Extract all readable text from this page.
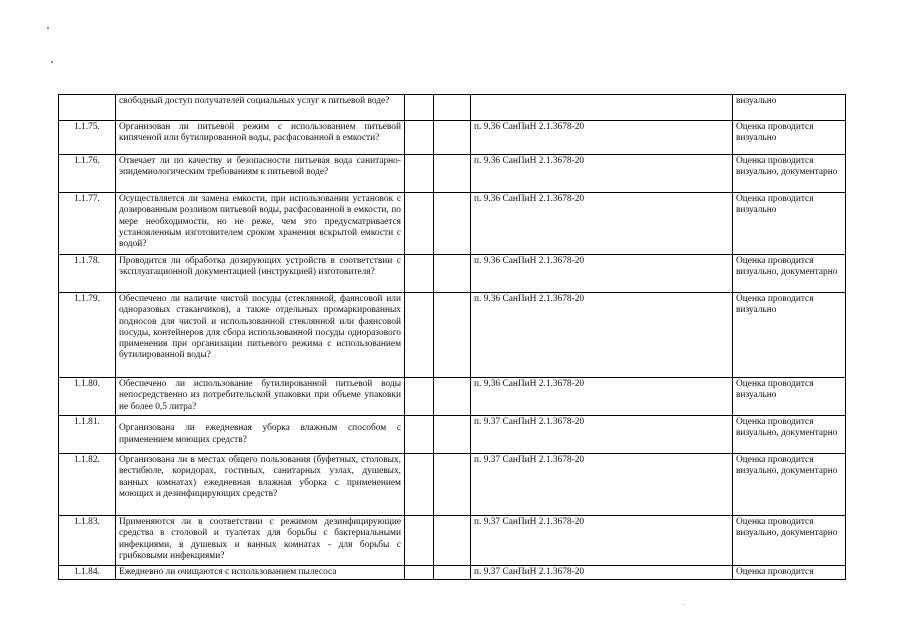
	свободный доступ получателей социальных услуг к питьевой воде?				визуально
1.1.75.	Организован ли питьевой режим с использованием питьевой кипяченой или бутилированной воды, расфасованной в емкости?			п. 9.36 СанПиН 2.1.3678-20	Оценка проводится визуально
1.1.76.	Отвечает ли по качеству и безопасности питьевая вода санитарно-эпидемиологическим требованиям к питьевой воде?			п. 9.36 СанПиН 2.1.3678-20	Оценка проводится визуально, документарно
1.1.77.	Осуществляется ли замена емкости, при использовании установок с дозированным розливом питьевой воды, расфасованной в емкости, по мере необходимости, но не реже, чем это предусматривается установленным изготовителем сроком хранения вскрытой емкости с водой?			п. 9.36 СанПиН 2.1.3678-20	Оценка проводится визуально
1.1.78.	Проводится ли обработка дозирующих устройств в соответствии с эксплуатационной документацией (инструкцией) изготовителя?			п. 9.36 СанПиН 2.1.3678-20	Оценка проводится визуально, документарно
1.1.79.	Обеспечено ли наличие чистой посуды (стеклянной, фаянсовой или одноразовых стаканчиков), а также отдельных промаркированных подносов для чистой и использованной стеклянной или фаянсовой посуды, контейнеров для сбора использованной посуды одноразового применения при организации питьевого режима с использованием бутилированной воды?			п. 9.36 СанПиН 2.1.3678-20	Оценка проводится визуально
1.1.80.	Обеспечено ли использование бутилированной питьевой воды непосредственно из потребительской упаковки при объеме упаковки не более 0,5 литра?			п. 9.36 СанПиН 2.1.3678-20	Оценка проводится визуально
1.1.81.	Организована ли ежедневная уборка влажным способом с применением моющих средств?			п. 9.37 СанПиН 2.1.3678-20	Оценка проводится визуально, документарно
1.1.82.	Организована ли в местах общего пользования (буфетных, столовых, вестибюле, коридорах, гостиных, санитарных узлах, душевых, ванных комнатах) ежедневная влажная уборка с применением моющих и дезинфицирующих средств?			п. 9.37 СанПиН 2.1.3678-20	Оценка проводится визуально, документарно
1.1.83.	Применяются ли в соответствии с режимом дезинфицирующие средства в столовой и туалетах для борьбы с бактериальными инфекциями, в душевых и ванных комнатах - для борьбы с грибковыми инфекциями?			п. 9.37 СанПиН 2.1.3678-20	Оценка проводится визуально, документарно
1.1.84.	Ежедневно ли очищаются с использованием пылесоса			п. 9.37 СанПиН 2.1.3678-20	Оценка проводится
